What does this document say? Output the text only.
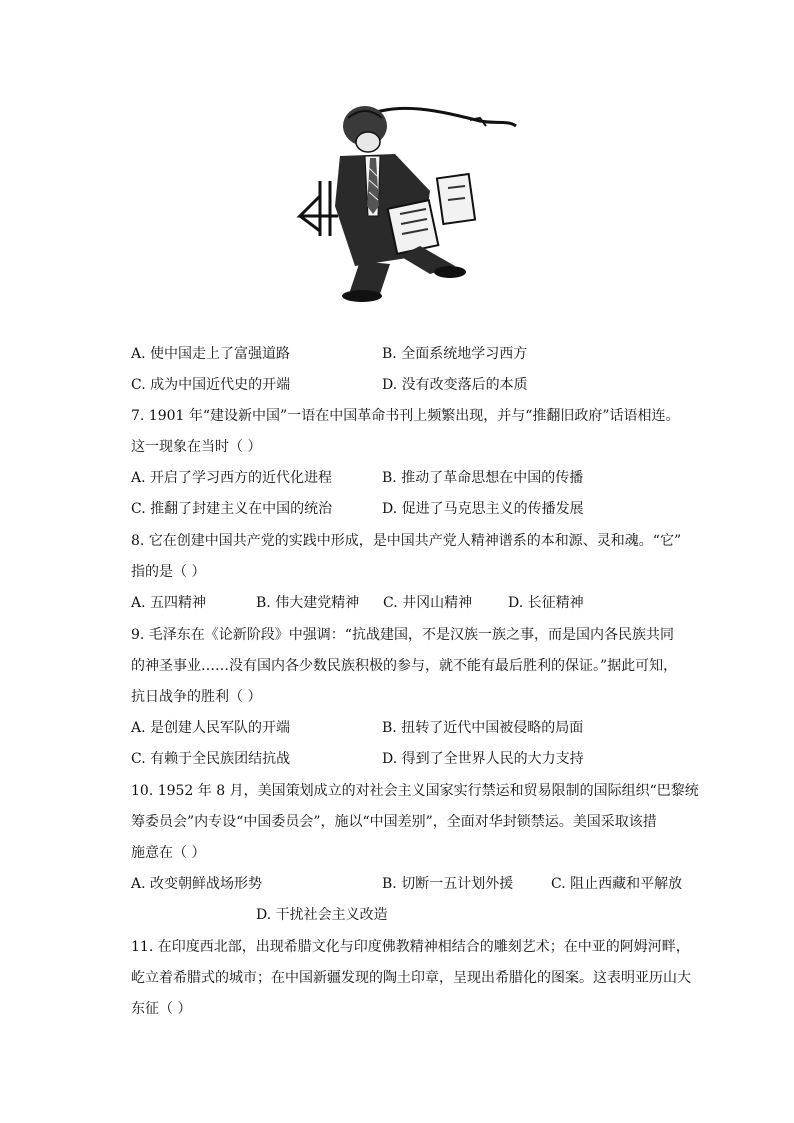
A. 使中国走上了富强道路	B. 全面系统地学习西方
C. 成为中国近代史的开端	D. 没有改变落后的本质
7. 1901 年“建设新中国”一语在中国革命书刊上频繁出现，并与“推翻旧政府”话语相连。
这一现象在当时（ ）
A. 开启了学习西方的近代化进程	B. 推动了革命思想在中国的传播
C. 推翻了封建主义在中国的统治	D. 促进了马克思主义的传播发展
8. 它在创建中国共产党的实践中形成，是中国共产党人精神谱系的本和源、灵和魂。“它”
指的是（ ）
A. 五四精神	B. 伟大建党精神 C. 井冈山精神	D. 长征精神
9. 毛泽东在《论新阶段》中强调：“抗战建国，不是汉族一族之事，而是国内各民族共同
的神圣事业……没有国内各少数民族积极的参与，就不能有最后胜利的保证。”据此可知，
抗日战争的胜利（ ）
A. 是创建人民军队的开端	B. 扭转了近代中国被侵略的局面
C. 有赖于全民族团结抗战	D. 得到了全世界人民的大力支持
10. 1952 年 8 月，美国策划成立的对社会主义国家实行禁运和贸易限制的国际组织“巴黎统
筹委员会”内专设“中国委员会”，施以“中国差别”，全面对华封锁禁运。美国采取该措
施意在（ ）
A. 改变朝鲜战场形势	B. 切断一五计划外援	C. 阻止西藏和平解放
D. 干扰社会主义改造
11. 在印度西北部，出现希腊文化与印度佛教精神相结合的雕刻艺术；在中亚的阿姆河畔，
屹立着希腊式的城市；在中国新疆发现的陶土印章，呈现出希腊化的图案。这表明亚历山大
东征（ ）
